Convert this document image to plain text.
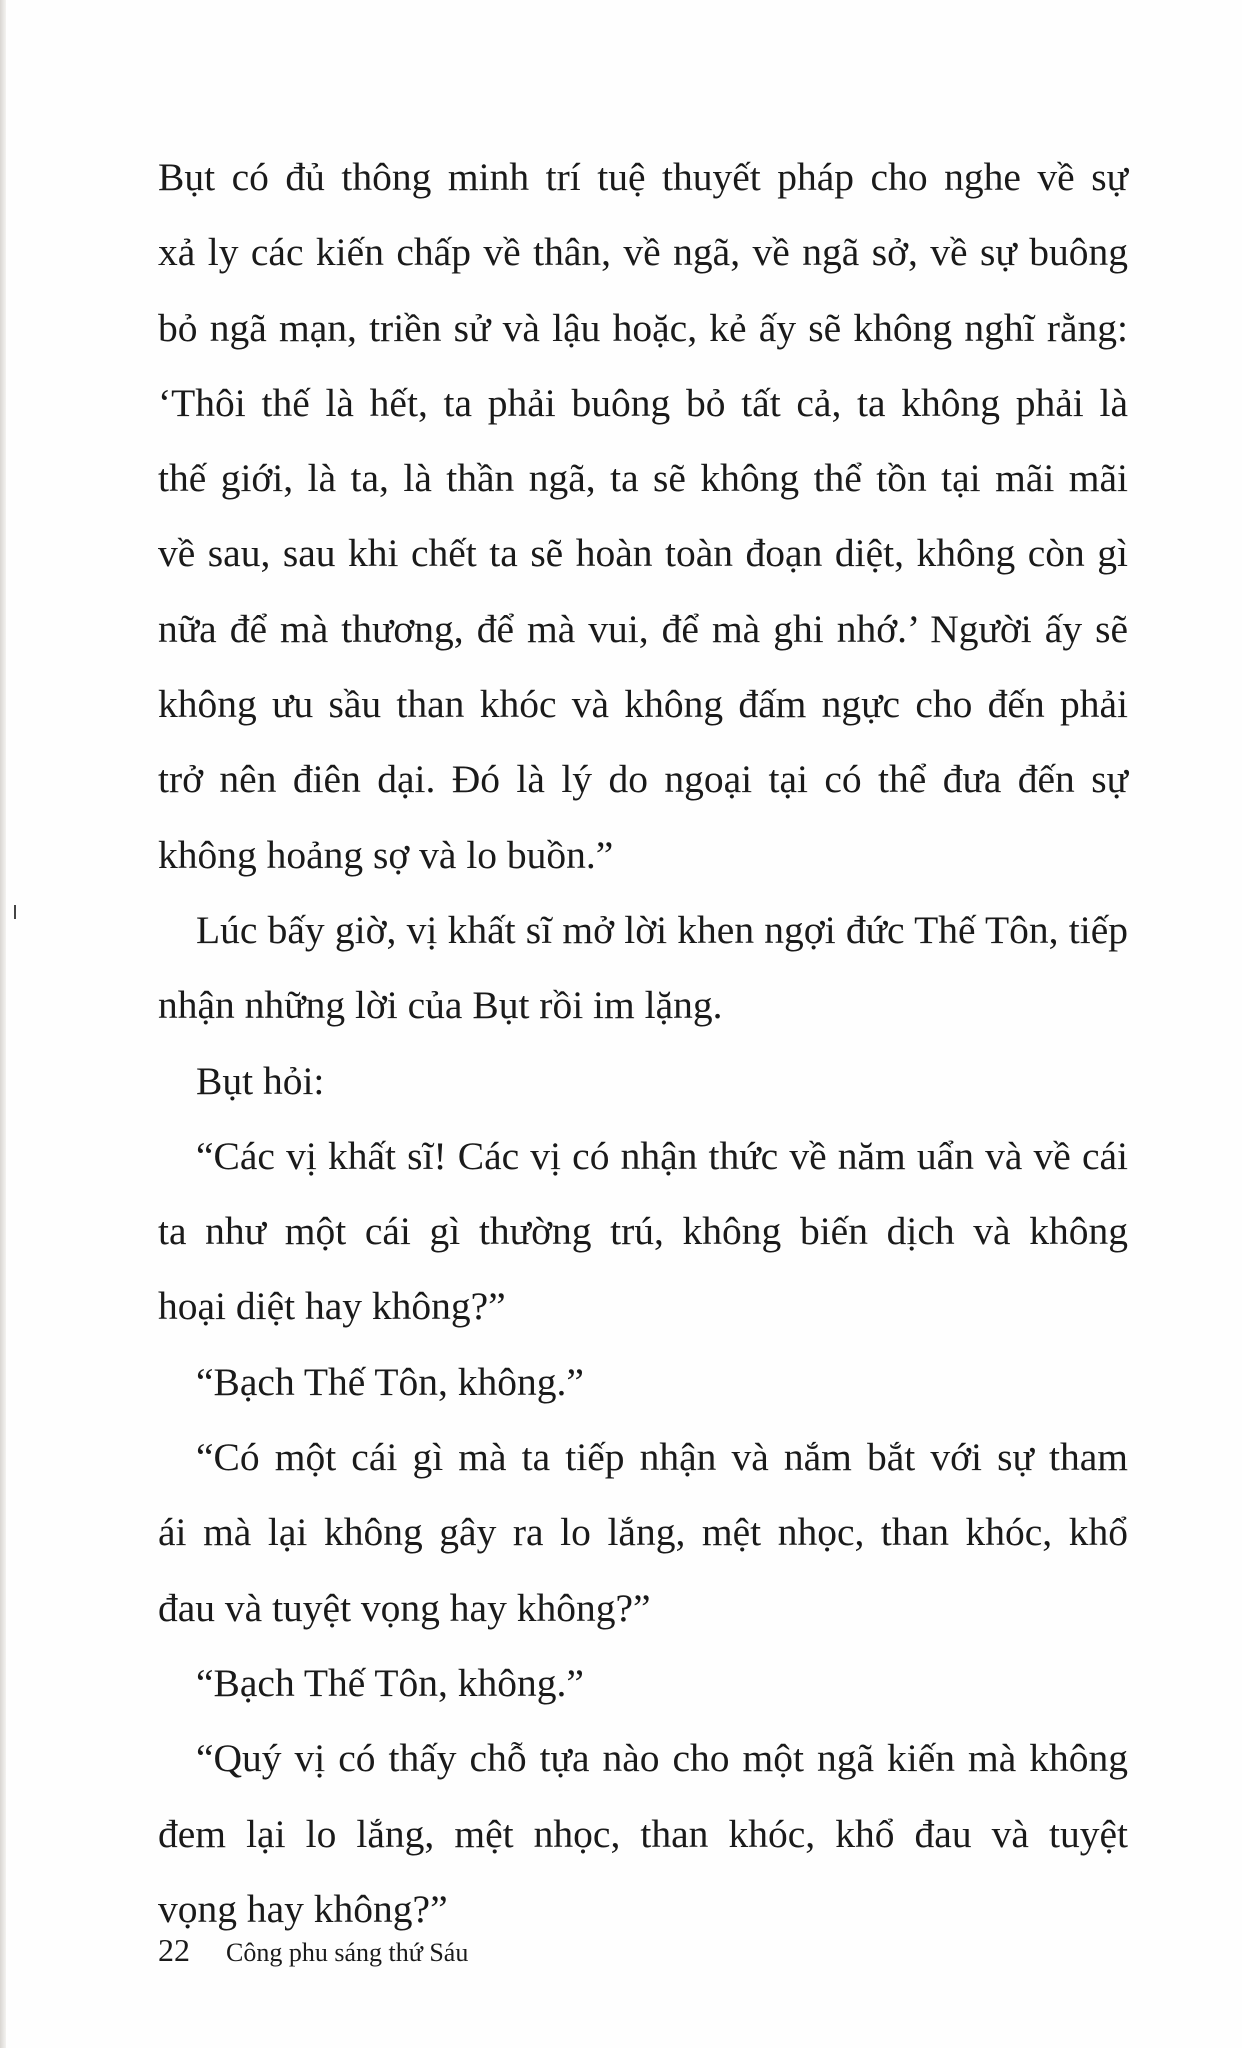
Bụt có đủ thông minh trí tuệ thuyết pháp cho nghe về sự
xả ly các kiến chấp về thân, về ngã, về ngã sở, về sự buông
bỏ ngã mạn, triền sử và lậu hoặc, kẻ ấy sẽ không nghĩ rằng:
‘Thôi thế là hết, ta phải buông bỏ tất cả, ta không phải là
thế giới, là ta, là thần ngã, ta sẽ không thể tồn tại mãi mãi
về sau, sau khi chết ta sẽ hoàn toàn đoạn diệt, không còn gì
nữa để mà thương, để mà vui, để mà ghi nhớ.’ Người ấy sẽ
không ưu sầu than khóc và không đấm ngực cho đến phải
trở nên điên dại. Đó là lý do ngoại tại có thể đưa đến sự
không hoảng sợ và lo buồn.”
Lúc bấy giờ, vị khất sĩ mở lời khen ngợi đức Thế Tôn, tiếp
nhận những lời của Bụt rồi im lặng.
Bụt hỏi:
“Các vị khất sĩ! Các vị có nhận thức về năm uẩn và về cái
ta như một cái gì thường trú, không biến dịch và không
hoại diệt hay không?”
“Bạch Thế Tôn, không.”
“Có một cái gì mà ta tiếp nhận và nắm bắt với sự tham
ái mà lại không gây ra lo lắng, mệt nhọc, than khóc, khổ
đau và tuyệt vọng hay không?”
“Bạch Thế Tôn, không.”
“Quý vị có thấy chỗ tựa nào cho một ngã kiến mà không
đem lại lo lắng, mệt nhọc, than khóc, khổ đau và tuyệt
vọng hay không?”
22 Công phu sáng thứ Sáu
